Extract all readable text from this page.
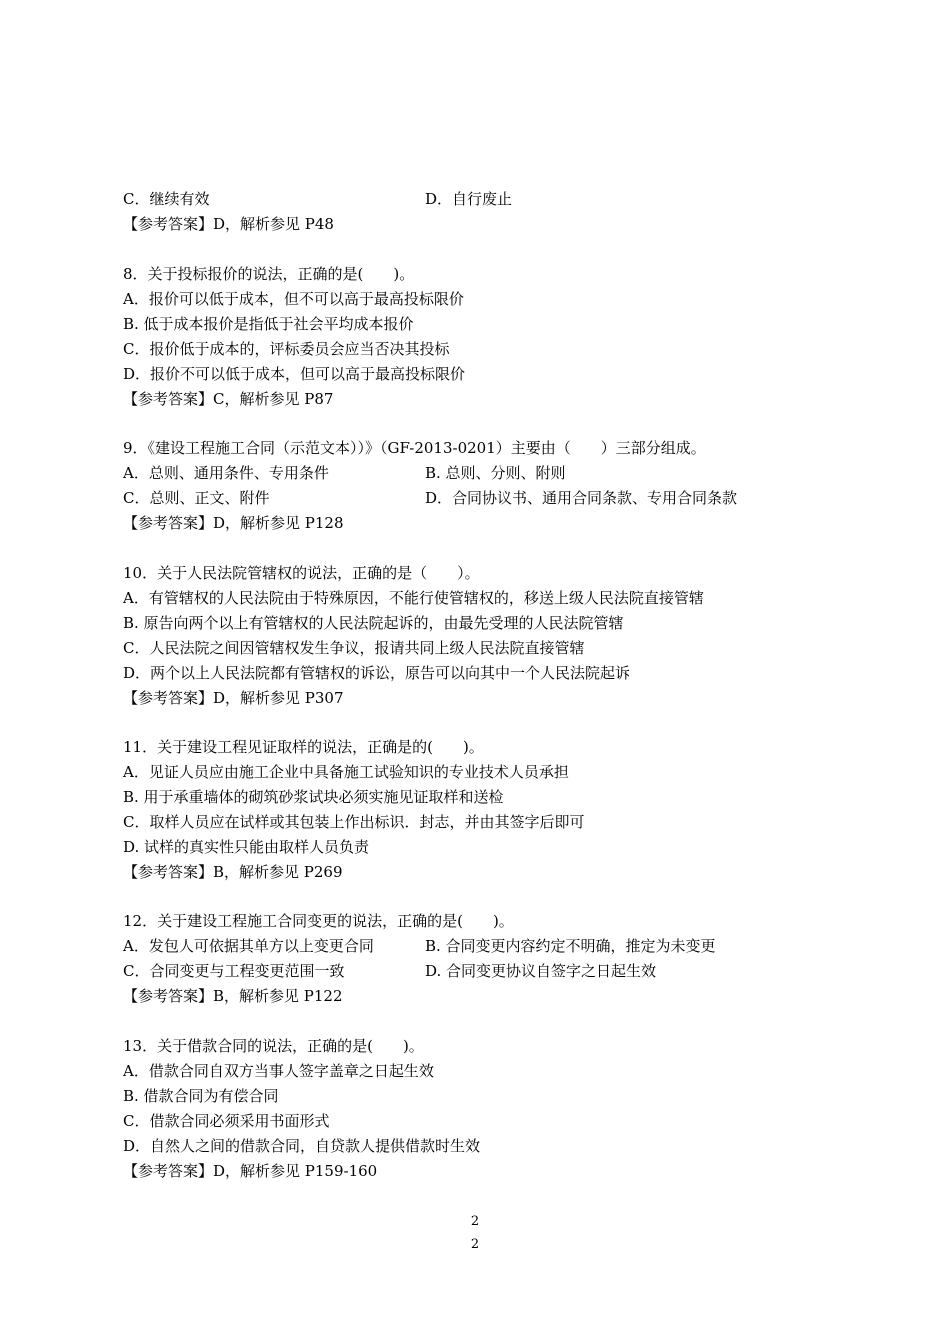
C．继续有效	D．自行废止
【参考答案】D，解析参见 P48
8．关于投标报价的说法，正确的是(　　)。
A．报价可以低于成本，但不可以高于最高投标限价
B. 低于成本报价是指低于社会平均成本报价
C．报价低于成本的，评标委员会应当否决其投标
D．报价不可以低于成本，但可以高于最高投标限价
【参考答案】C，解析参见 P87
9．《建设工程施工合同（示范文本））》（GF-2013-0201）主要由（　　）三部分组成。
A．总则、通用条件、专用条件	B. 总则、分则、附则
C．总则、正文、附件	D．合同协议书、通用合同条款、专用合同条款
【参考答案】D，解析参见 P128
10．关于人民法院管辖权的说法，正确的是（　　）。
A．有管辖权的人民法院由于特殊原因，不能行使管辖权的，移送上级人民法院直接管辖
B. 原告向两个以上有管辖权的人民法院起诉的，由最先受理的人民法院管辖
C．人民法院之间因管辖权发生争议，报请共同上级人民法院直接管辖
D．两个以上人民法院都有管辖权的诉讼，原告可以向其中一个人民法院起诉
【参考答案】D，解析参见 P307
11．关于建设工程见证取样的说法，正确是的(　　)。
A．见证人员应由施工企业中具备施工试验知识的专业技术人员承担
B. 用于承重墙体的砌筑砂浆试块必须实施见证取样和送检
C．取样人员应在试样或其包装上作出标识．封志，并由其签字后即可
D. 试样的真实性只能由取样人员负责
【参考答案】B，解析参见 P269
12．关于建设工程施工合同变更的说法，正确的是(　　)。
A．发包人可依据其单方以上变更合同	B. 合同变更内容约定不明确，推定为未变更
C．合同变更与工程变更范围一致	D. 合同变更协议自签字之日起生效
【参考答案】B，解析参见 P122
13．关于借款合同的说法，正确的是(　　)。
A．借款合同自双方当事人签字盖章之日起生效
B. 借款合同为有偿合同
C．借款合同必须采用书面形式
D．自然人之间的借款合同，自贷款人提供借款时生效
【参考答案】D，解析参见 P159-160
2
2
